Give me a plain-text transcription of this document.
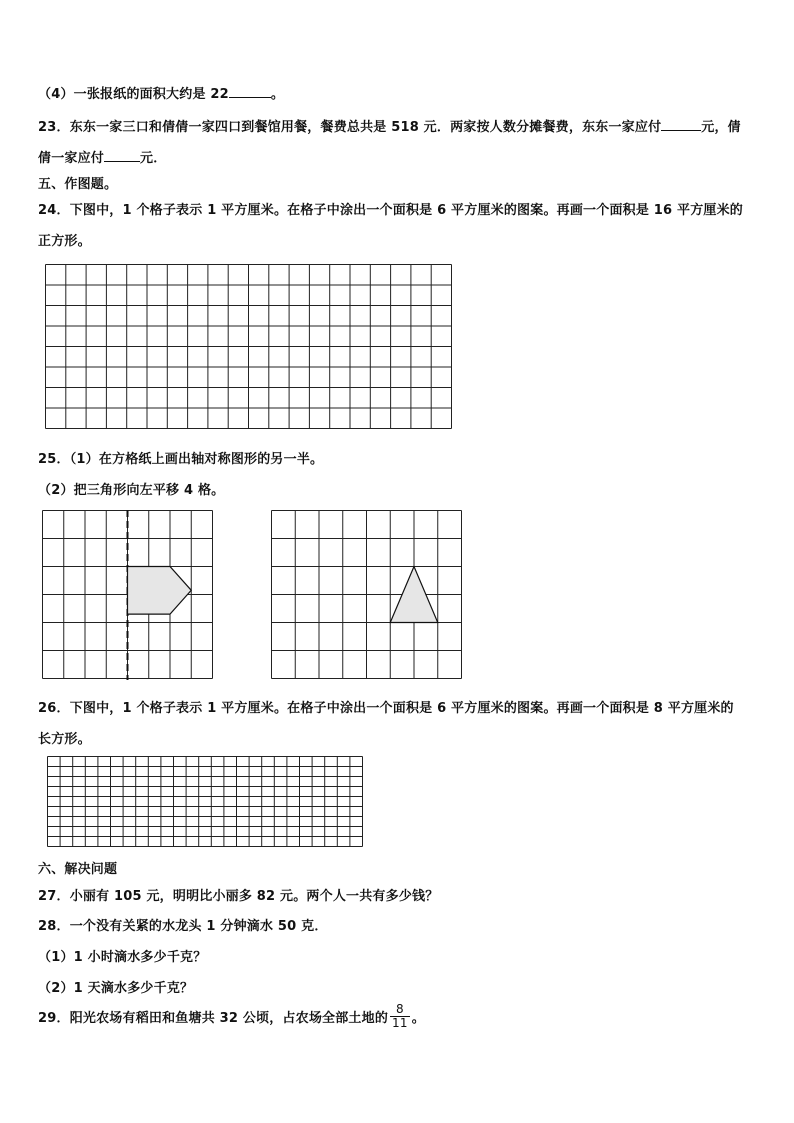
（4）一张报纸的面积大约是 22	。
23．东东一家三口和倩倩一家四口到餐馆用餐，餐费总共是 518 元．两家按人数分摊餐费，东东一家应付	元，倩
倩一家应付	元．
五、作图题。
24．下图中，1 个格子表示 1 平方厘米。在格子中涂出一个面积是 6 平方厘米的图案。再画一个面积是 16 平方厘米的
正方形。
25．（1）在方格纸上画出轴对称图形的另一半。
（2）把三角形向左平移 4 格。
26．下图中，1 个格子表示 1 平方厘米。在格子中涂出一个面积是 6 平方厘米的图案。再画一个面积是 8 平方厘米的
长方形。
六、解决问题
27．小丽有 105 元，明明比小丽多 82 元。两个人一共有多少钱？
28．一个没有关紧的水龙头 1 分钟滴水 50 克．
（1）1 小时滴水多少千克？
（2）1 天滴水多少千克？
29．阳光农场有稻田和鱼塘共 32 公顷，占农场全部土地的 $\frac{8}{11}$ 。
